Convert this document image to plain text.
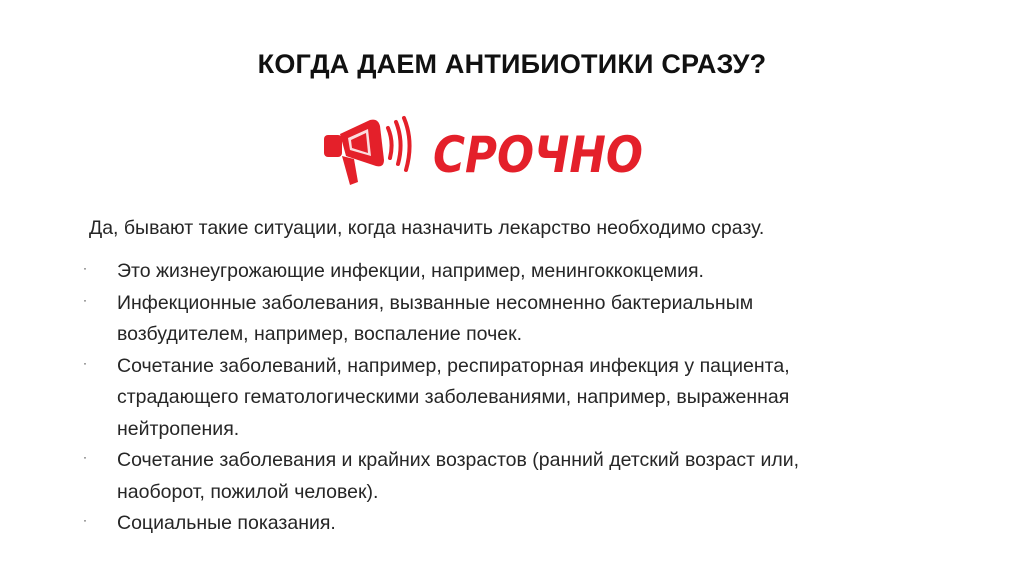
КОГДА ДАЕМ АНТИБИОТИКИ СРАЗУ?
СРОЧНО
Да, бывают такие ситуации, когда назначить лекарство необходимо сразу.
· Это жизнеугрожающие инфекции, например, менингоккокцемия.
· Инфекционные заболевания, вызванные несомненно бактериальным
возбудителем, например, воспаление почек.
· Сочетание заболеваний, например, респираторная инфекция у пациента,
страдающего гематологическими заболеваниями, например, выраженная
нейтропения.
· Сочетание заболевания и крайних возрастов (ранний детский возраст или,
наоборот, пожилой человек).
· Социальные показания.
